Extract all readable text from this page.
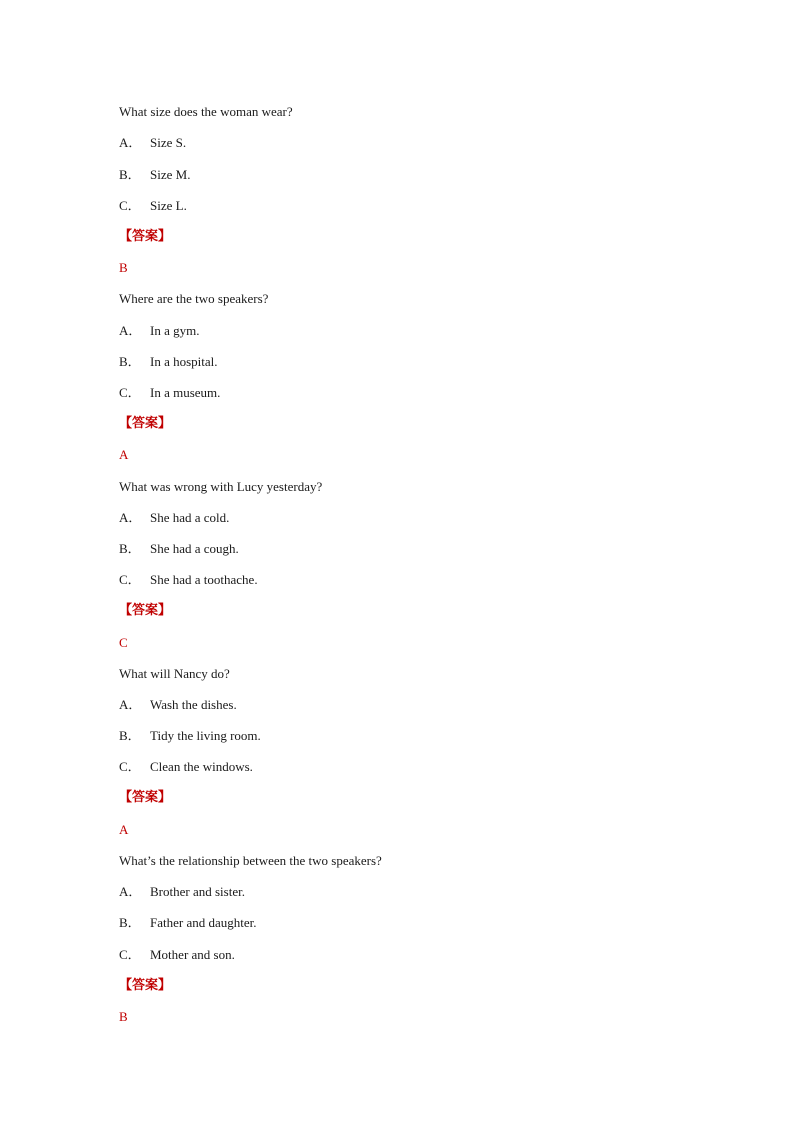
What size does the woman wear?
A． Size S.
B． Size M.
C． Size L.
【答案】
B
Where are the two speakers?
A． In a gym.
B． In a hospital.
C． In a museum.
【答案】
A
What was wrong with Lucy yesterday?
A． She had a cold.
B． She had a cough.
C． She had a toothache.
【答案】
C
What will Nancy do?
A． Wash the dishes.
B． Tidy the living room.
C． Clean the windows.
【答案】
A
What’s the relationship between the two speakers?
A． Brother and sister.
B． Father and daughter.
C． Mother and son.
【答案】
B
